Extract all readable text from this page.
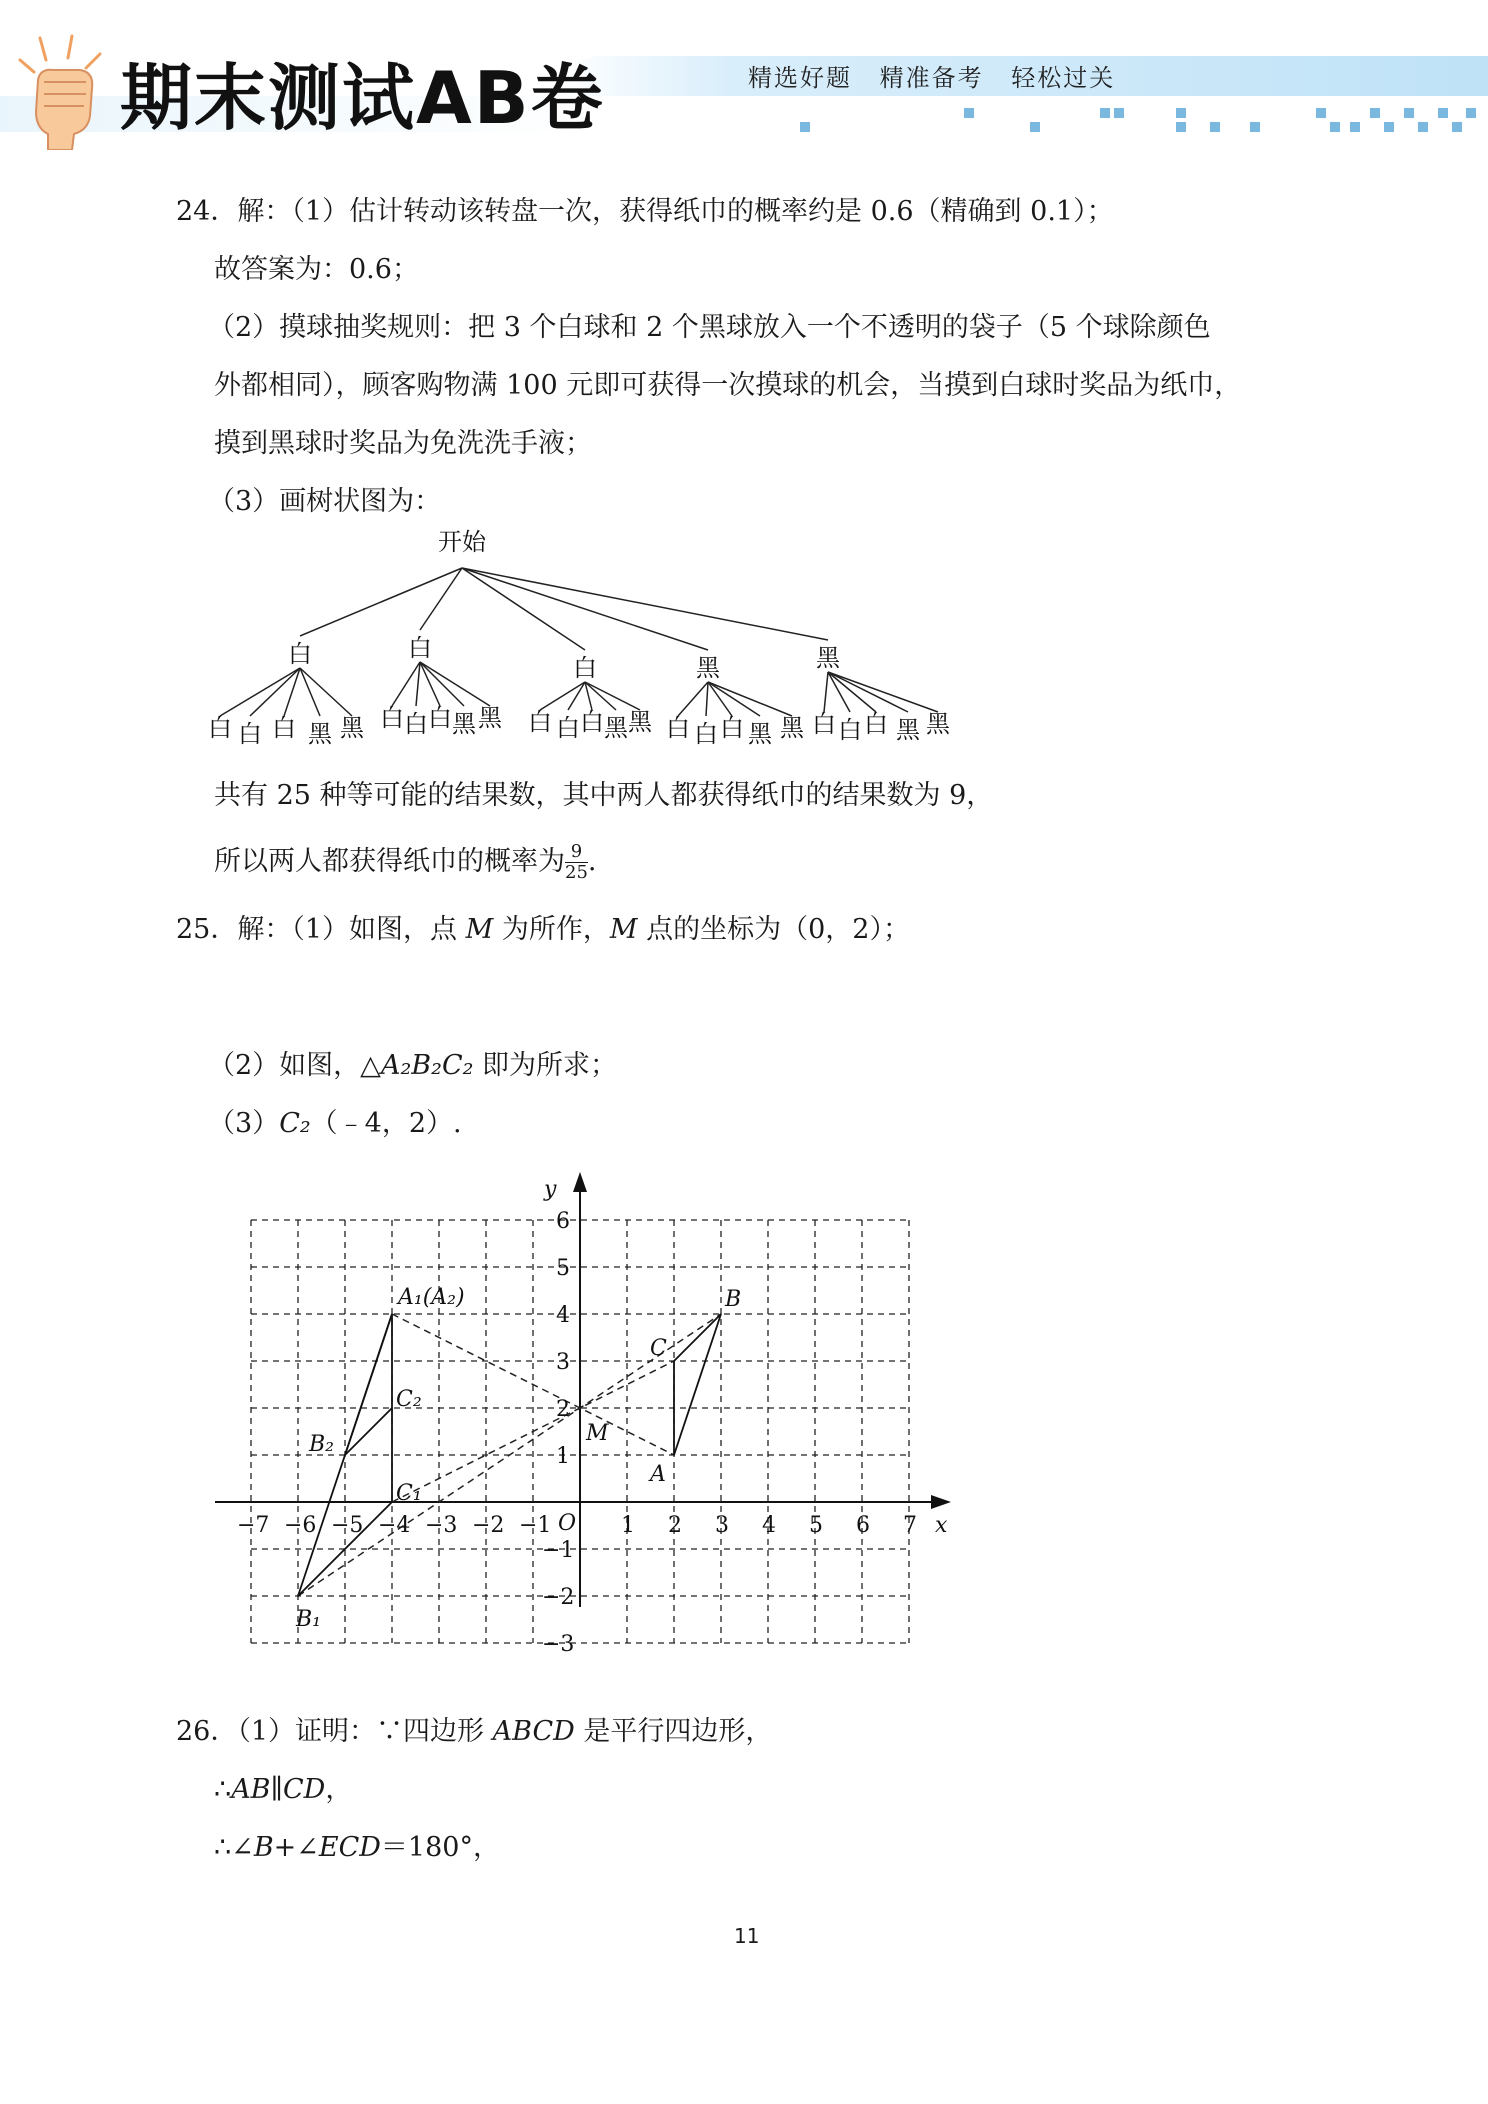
期末测试AB卷	精选好题 精准备考 轻松过关
24．解：（1）估计转动该转盘一次，获得纸巾的概率约是 0.6（精确到 0.1）；
故答案为：0.6；
（2）摸球抽奖规则：把 3 个白球和 2 个黑球放入一个不透明的袋子（5 个球除颜色
外都相同），顾客购物满 100 元即可获得一次摸球的机会，当摸到白球时奖品为纸巾，
摸到黑球时奖品为免洗洗手液；
（3）画树状图为：
开始
白
白 白 白 黑 黑
白
白 白 白 黑 黑
白
白 白 白 黑 黑
黑
白 白 白 黑 黑
黑
白 白 白 黑 黑
共有 25 种等可能的结果数，其中两人都获得纸巾的结果数为 9，
所以两人都获得纸巾的概率为 $\frac{9}{25}$ .
25．解：（1）如图，点 M 为所作，M 点的坐标为（0，2）；
（2）如图，△A₂B₂C₂ 即为所求；
（3）C₂（﹣4，2）.
−7 −6 −5 −4 −3 −2 −1	1 2 3 4 5 6 7
6
5
4
3
2
1
−1
−2
−3
O	x
y
A
B
C
M
A₁(A₂)
B₁
C₁
B₂
C₂
26．（1）证明：∵四边形 ABCD 是平行四边形，
∴AB∥CD，
∴∠B+∠ECD＝180°，
11
